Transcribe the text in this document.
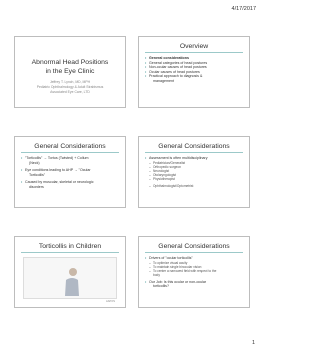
4/17/2017
Abnormal Head Positions
in the Eye Clinic
Jeffrey T. Lynch, MD, MPH
Pediatric Ophthalmology & Adult Strabismus
Associated Eye Care, LTD
Overview
• General considerations
• General categories of head postures
• Non-ocular causes of head postures
• Ocular causes of head postures
• Practical approach to diagnosis &
management
General Considerations
• "Torticollis" → Tortus (Twisted) + Collum
(Neck)
• Eye conditions leading to AHP → "Ocular
Torticollis"
• Caused by muscular, skeletal or neurologic
disorders
General Considerations
• Assessment is often multidisciplinary
– Pediatrician/Generalist
– Orthopedic surgeon
– Neurologist
– Otolaryngologist
– Physiotherapist
– Ophthalmologist/Optometrist
Torticollis in Children
AAPOS
General Considerations
• Drivers of "ocular torticollis"
– To optimize visual acuity
– To maintain single binocular vision
– To center a narrowed field with respect to the
body
• Our Job: Is this ocular or non-ocular
torticollis?
1
